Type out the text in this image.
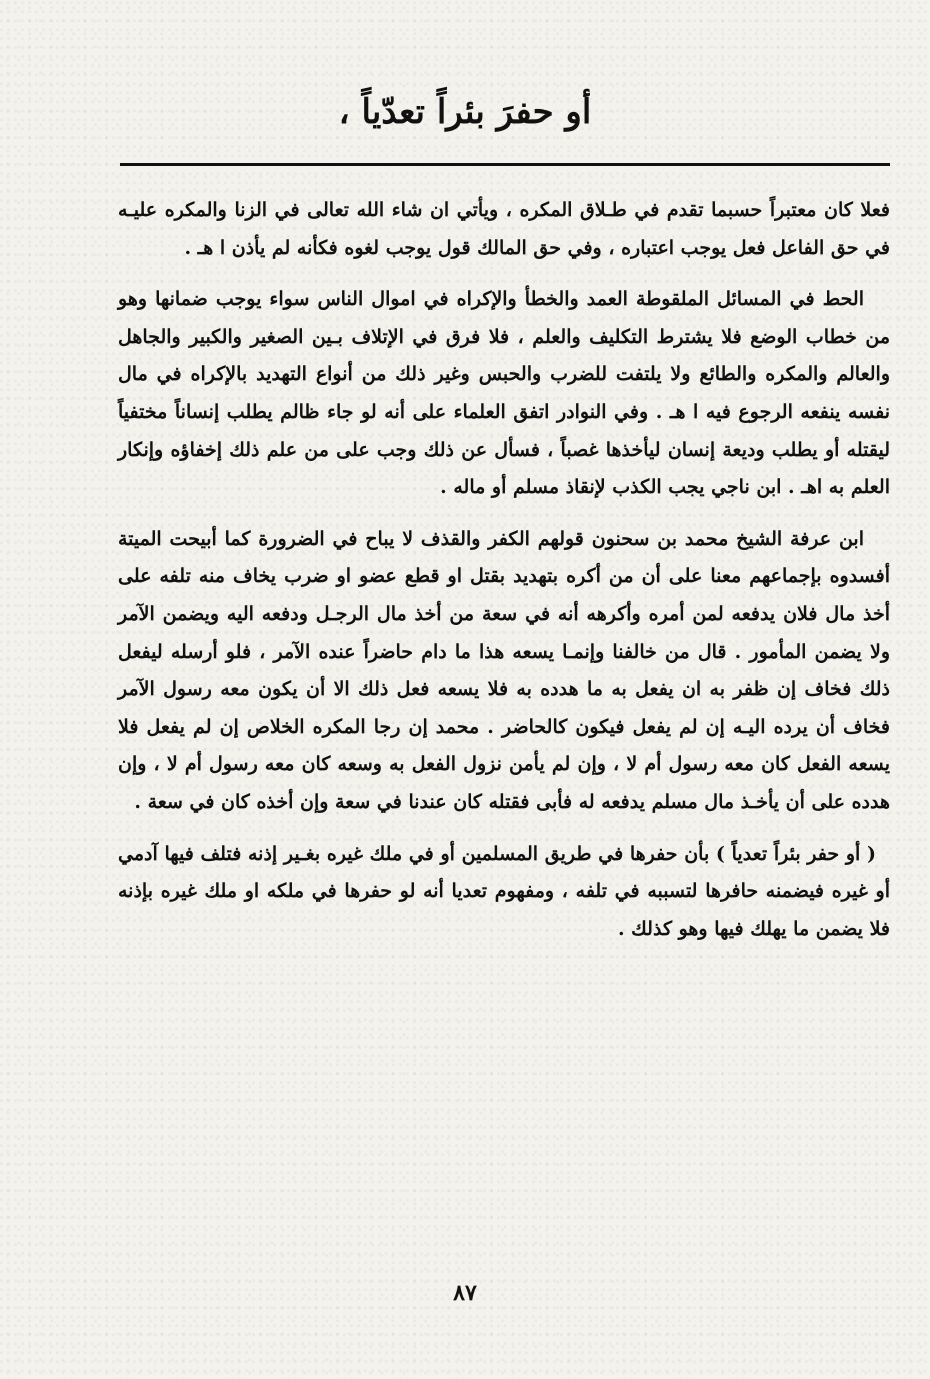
أو حفرَ بئراً تعدّياً ،

فعلا كان معتبراً حسبما تقدم في طـلاق المكره ، ويأتي ان شاء الله تعالى في الزنا والمكره عليـه في حق الفاعل فعل يوجب اعتباره ، وفي حق المالك قول يوجب لغوه فكأنه لم يأذن ا هـ .

الحط في المسائل الملقوطة العمد والخطأ والإكراه في اموال الناس سواء يوجب ضمانها وهو من خطاب الوضع فلا يشترط التكليف والعلم ، فلا فرق في الإتلاف بـين الصغير والكبير والجاهل والعالم والمكره والطائع ولا يلتفت للضرب والحبس وغير ذلك من أنواع التهديد بالإكراه في مال نفسه ينفعه الرجوع فيه ا هـ . وفي النوادر اتفق العلماء على أنه لو جاء ظالم يطلب إنساناً مختفياً ليقتله أو يطلب وديعة إنسان ليأخذها غصباً ، فسأل عن ذلك وجب على من علم ذلك إخفاؤه وإنكار العلم به اهـ . ابن ناجي يجب الكذب لإنقاذ مسلم أو ماله .

ابن عرفة الشيخ محمد بن سحنون قولهم الكفر والقذف لا يباح في الضرورة كما أبيحت الميتة أفسدوه بإجماعهم معنا على أن من أكره بتهديد بقتل او قطع عضو او ضرب يخاف منه تلفه على أخذ مال فلان يدفعه لمن أمره وأكرهه أنه في سعة من أخذ مال الرجـل ودفعه اليه ويضمن الآمر ولا يضمن المأمور . قال من خالفنا وإنمـا يسعه هذا ما دام حاضراً عنده الآمر ، فلو أرسله ليفعل ذلك فخاف إن ظفر به ان يفعل به ما هدده به فلا يسعه فعل ذلك الا أن يكون معه رسول الآمر فخاف أن يرده اليـه إن لم يفعل فيكون كالحاضر . محمد إن رجا المكره الخلاص إن لم يفعل فلا يسعه الفعل كان معه رسول أم لا ، وإن لم يأمن نزول الفعل به وسعه كان معه رسول أم لا ، وإن هدده على أن يأخـذ مال مسلم يدفعه له فأبى فقتله كان عندنا في سعة وإن أخذه كان في سعة .

( أو حفر بئراً تعدياً ) بأن حفرها في طريق المسلمين أو في ملك غيره بغـير إذنه فتلف فيها آدمي أو غيره فيضمنه حافرها لتسببه في تلفه ، ومفهوم تعديا أنه لو حفرها في ملكه او ملك غيره بإذنه فلا يضمن ما يهلك فيها وهو كذلك .

٨٧
